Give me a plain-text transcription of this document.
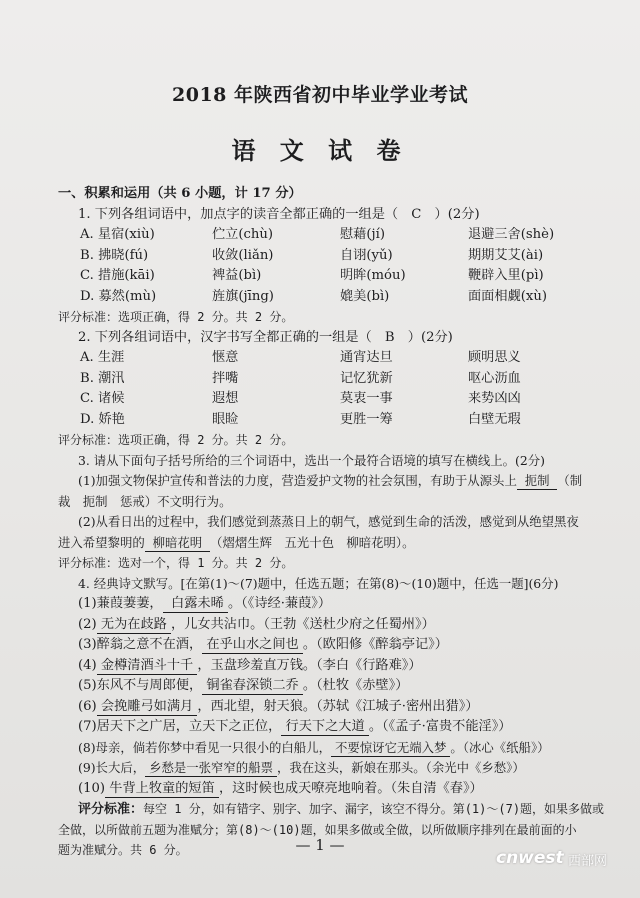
2018 年陕西省初中毕业学业考试
语 文 试 卷
一、积累和运用（共 6 小题，计 17 分）
1. 下列各组词语中，加点字的读音全都正确的一组是（　C　）(2分)
A. 星宿(xiù)	伫立(chù)	慰藉(jí)	退避三舍(shè)
B. 拂晓(fú)	收敛(liǎn)	自诩(yǔ)	期期艾艾(ài)
C. 措施(kāi)	裨益(bì)	明眸(móu)	鞭辟入里(pì)
D. 募然(mù)	旌旗(jīng)	媲美(bì)	面面相觑(xù)
评分标准：选项正确，得 2 分。共 2 分。
2. 下列各组词语中，汉字书写全都正确的一组是（　B　）(2分)
A. 生涯	惬意	通宵达旦	顾明思义
B. 潮汛	拌嘴	记忆犹新	呕心沥血
C. 诸候	遐想	莫衷一事	来势凶凶
D. 娇艳	眼睑	更胜一筹	白壁无瑕
评分标准：选项正确，得 2 分。共 2 分。
3. 请从下面句子括号所给的三个词语中，选出一个最符合语境的填写在横线上。(2分)
(1)加强文物保护宣传和普法的力度，营造爱护文物的社会氛围，有助于从源头上 扼制 （制
裁　扼制　惩戒）不文明行为。
(2)从看日出的过程中，我们感觉到蒸蒸日上的朝气，感觉到生命的活泼，感觉到从绝望黑夜
进入希望黎明的 柳暗花明 （熠熠生辉　五光十色　柳暗花明）。
评分标准：选对一个，得 1 分。共 2 分。
4. 经典诗文默写。[在第(1)～(7)题中，任选五题；在第(8)～(10)题中，任选一题](6分)
(1)蒹葭萋萋， 白露未晞 。（《诗经·蒹葭》）
(2) 无为在歧路 ，儿女共沾巾。（王勃《送杜少府之任蜀州》）
(3)醉翁之意不在酒， 在乎山水之间也 。（欧阳修《醉翁亭记》）
(4) 金樽清酒斗十千 ，玉盘珍羞直万钱。（李白《行路难》）
(5)东风不与周郎便， 铜雀春深锁二乔 。（杜牧《赤壁》）
(6) 会挽雕弓如满月 ，西北望，射天狼。（苏轼《江城子·密州出猎》）
(7)居天下之广居，立天下之正位， 行天下之大道 。（《孟子·富贵不能淫》）
(8)母亲，倘若你梦中看见一只很小的白船儿， 不要惊讶它无端入梦 。（冰心《纸船》）
(9)长大后， 乡愁是一张窄窄的船票 ，我在这头，新娘在那头。（余光中《乡愁》）
(10) 牛背上牧童的短笛 ，这时候也成天嘹亮地响着。（朱自清《春》）
评分标准：每空 1 分，如有错字、别字、加字、漏字，该空不得分。第(1)～(7)题，如果多做或
全做，以所做前五题为准赋分；第(8)～(10)题，如果多做或全做，以所做顺序排列在最前面的小
题为准赋分。共 6 分。	— 1 —
cnwest 西部网
